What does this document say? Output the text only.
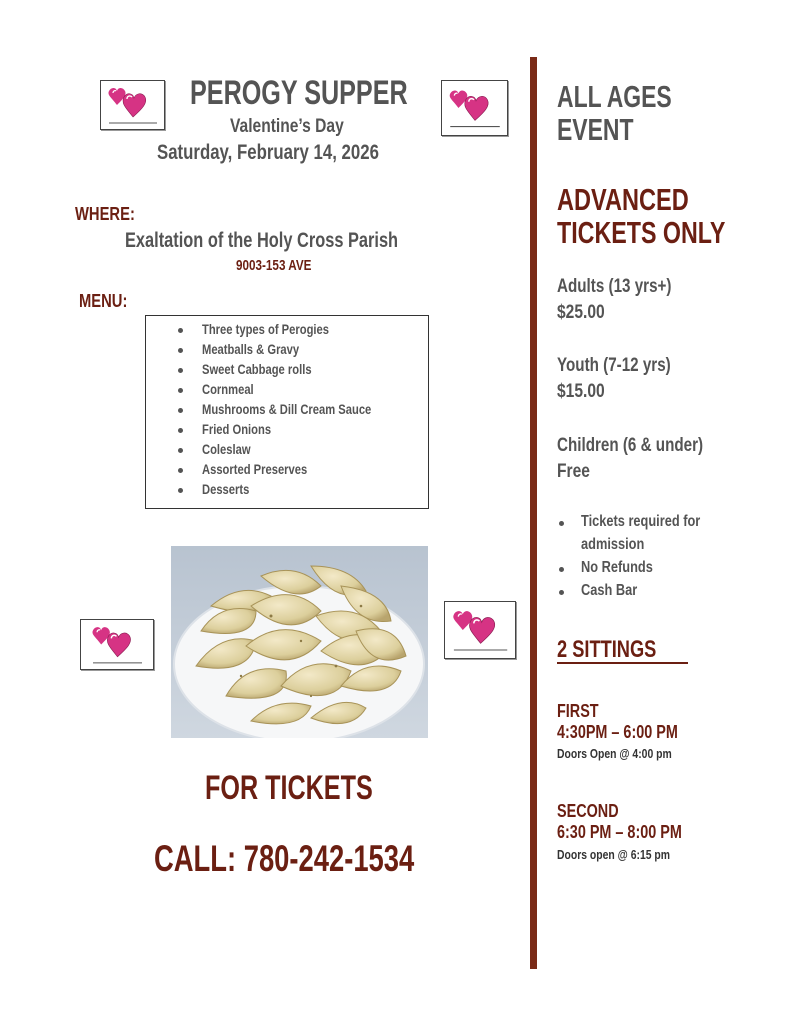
PEROGY SUPPER
Valentine’s Day
Saturday, February 14, 2026
WHERE:
Exaltation of the Holy Cross Parish
9003-153 AVE
MENU:
Three types of Perogies
Meatballs & Gravy
Sweet Cabbage rolls
Cornmeal
Mushrooms & Dill Cream Sauce
Fried Onions
Coleslaw
Assorted Preserves
Desserts
FOR TICKETS
CALL: 780-242-1534
ALL AGES
EVENT
ADVANCED
TICKETS ONLY
Adults (13 yrs+)
$25.00
Youth (7-12 yrs)
$15.00
Children (6 & under)
Free
Tickets required for
admission
No Refunds
Cash Bar
2 SITTINGS
FIRST
4:30PM – 6:00 PM
Doors Open @ 4:00 pm
SECOND
6:30 PM – 8:00 PM
Doors open @ 6:15 pm
